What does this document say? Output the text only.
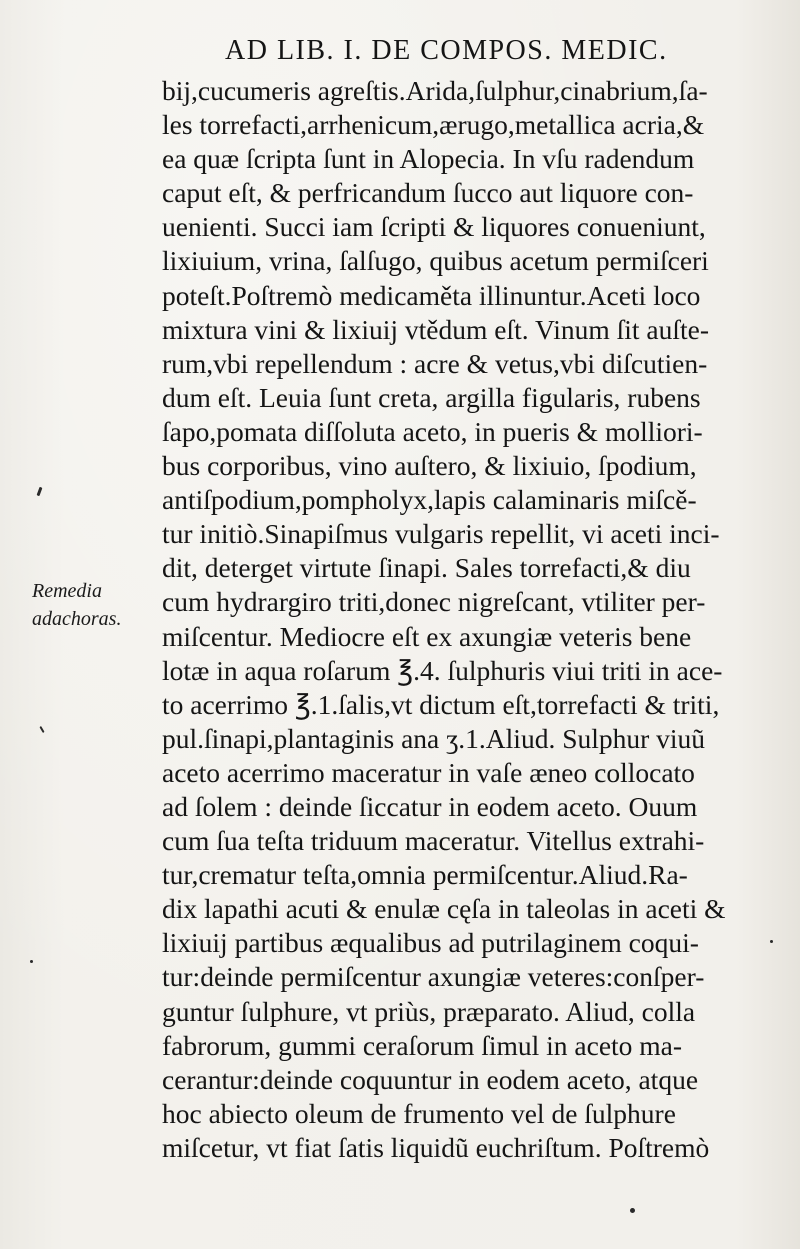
AD LIB. I. DE COMPOS. MEDIC.
Remedia
adachoras.
bij,cucumeris agreſtis.Arida,ſulphur,cinabrium,ſa-
les torrefacti,arrhenicum,ærugo,metallica acria,&
ea quæ ſcripta ſunt in Alopecia. In vſu radendum
caput eſt, & perfricandum ſucco aut liquore con-
uenienti. Succi iam ſcripti & liquores conueniunt,
lixiuium, vrina, ſalſugo, quibus acetum permiſceri
poteſt.Poſtremò medicaměta illinuntur.Aceti loco
mixtura vini & lixiuij vtědum eſt. Vinum ſit auſte-
rum,vbi repellendum : acre & vetus,vbi diſcutien-
dum eſt. Leuia ſunt creta, argilla figularis, rubens
ſapo,pomata diſſoluta aceto, in pueris & molliori-
bus corporibus, vino auſtero, & lixiuio, ſpodium,
antiſpodium,pompholyx,lapis calaminaris miſcě-
tur initiò.Sinapiſmus vulgaris repellit, vi aceti inci-
dit, deterget virtute ſinapi. Sales torrefacti,& diu
cum hydrargiro triti,donec nigreſcant, vtiliter per-
miſcentur. Mediocre eſt ex axungiæ veteris bene
lotæ in aqua roſarum ℥.4. ſulphuris viui triti in ace-
to acerrimo ℥.1.ſalis,vt dictum eſt,torrefacti & triti,
pul.ſinapi,plantaginis ana ʒ.1.Aliud. Sulphur viuũ
aceto acerrimo maceratur in vaſe æneo collocato
ad ſolem : deinde ſiccatur in eodem aceto. Ouum
cum ſua teſta triduum maceratur. Vitellus extrahi-
tur,crematur teſta,omnia permiſcentur.Aliud.Ra-
dix lapathi acuti & enulæ cęſa in taleolas in aceti &
lixiuij partibus æqualibus ad putrilaginem coqui-
tur:deinde permiſcentur axungiæ veteres:conſper-
guntur ſulphure, vt priùs, præparato. Aliud, colla
fabrorum, gummi ceraſorum ſimul in aceto ma-
cerantur:deinde coquuntur in eodem aceto, atque
hoc abiecto oleum de frumento vel de ſulphure
miſcetur, vt fiat ſatis liquidũ euchriſtum. Poſtremò
